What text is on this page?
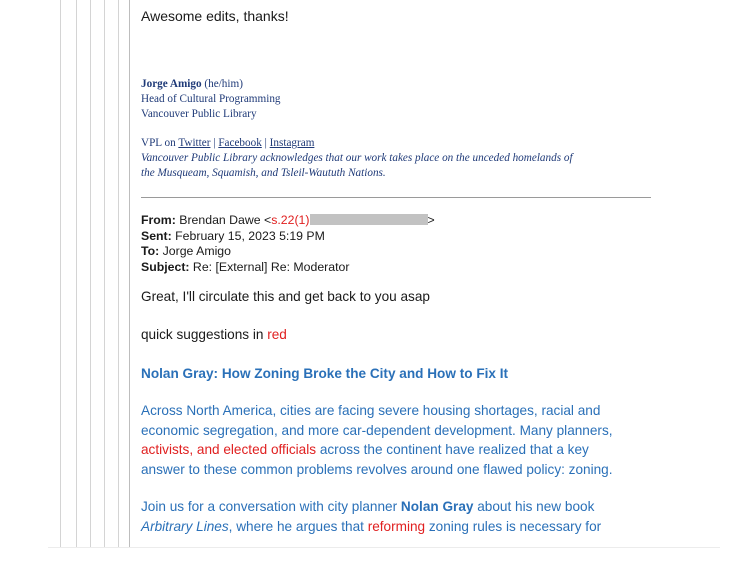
Awesome edits, thanks!
Jorge Amigo (he/him)
Head of Cultural Programming
Vancouver Public Library
VPL on Twitter | Facebook | Instagram
Vancouver Public Library acknowledges that our work takes place on the unceded homelands of
the Musqueam, Squamish, and Tsleil-Waututh Nations.
From: Brendan Dawe <s.22(1)	>
Sent: February 15, 2023 5:19 PM
To: Jorge Amigo
Subject: Re: [External] Re: Moderator
Great, I'll circulate this and get back to you asap
quick suggestions in red
Nolan Gray: How Zoning Broke the City and How to Fix It
Across North America, cities are facing severe housing shortages, racial and
economic segregation, and more car-dependent development. Many planners,
activists, and elected officials across the continent have realized that a key
answer to these common problems revolves around one flawed policy: zoning.
Join us for a conversation with city planner Nolan Gray about his new book
Arbitrary Lines, where he argues that reforming zoning rules is necessary for
